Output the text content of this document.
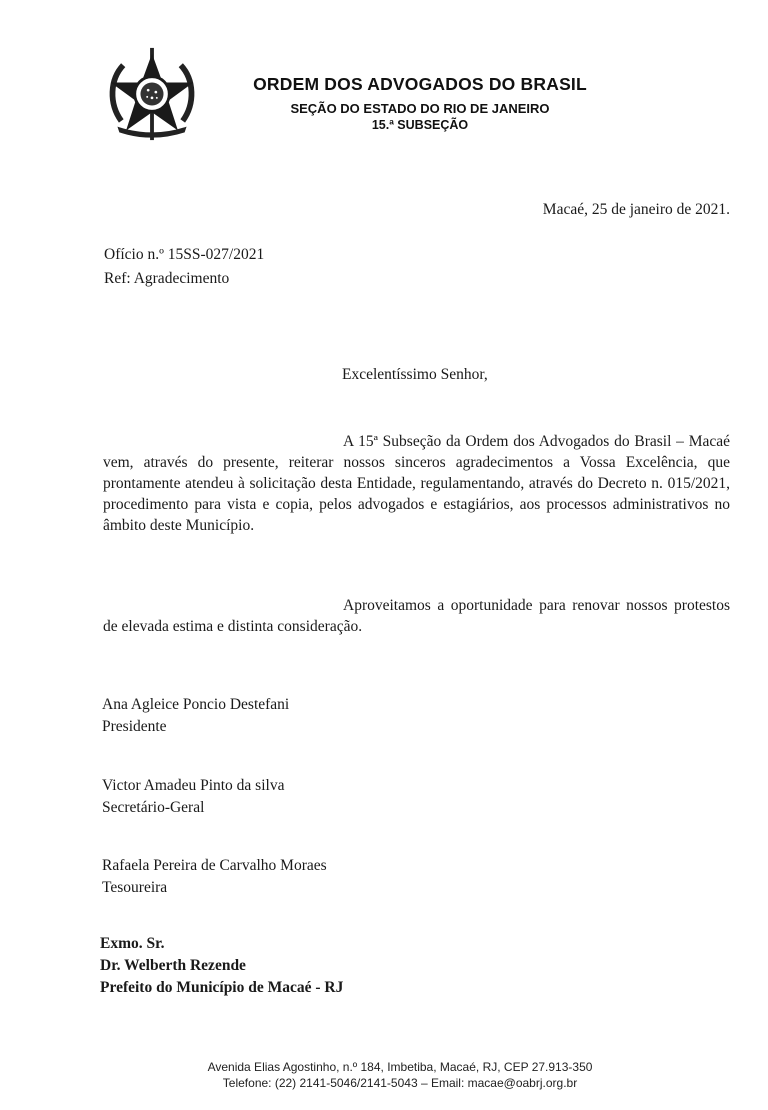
ORDEM DOS ADVOGADOS DO BRASIL
SEÇÃO DO ESTADO DO RIO DE JANEIRO
15.ª SUBSEÇÃO
Macaé, 25 de janeiro de 2021.
Ofício n.º 15SS-027/2021
Ref: Agradecimento
Excelentíssimo Senhor,
A 15ª Subseção da Ordem dos Advogados do Brasil – Macaé vem, através do presente, reiterar nossos sinceros agradecimentos a Vossa Excelência, que prontamente atendeu à solicitação desta Entidade, regulamentando, através do Decreto n. 015/2021, procedimento para vista e copia, pelos advogados e estagiários, aos processos administrativos no âmbito deste Município.
Aproveitamos a oportunidade para renovar nossos protestos de elevada estima e distinta consideração.
Ana Agleice Poncio Destefani
Presidente
Victor Amadeu Pinto da silva
Secretário-Geral
Rafaela Pereira de Carvalho Moraes
Tesoureira
Exmo. Sr.
Dr. Welberth Rezende
Prefeito do Município de Macaé - RJ
Avenida Elias Agostinho, n.º 184, Imbetiba, Macaé, RJ, CEP 27.913-350
Telefone: (22) 2141-5046/2141-5043 – Email: macae@oabrj.org.br
